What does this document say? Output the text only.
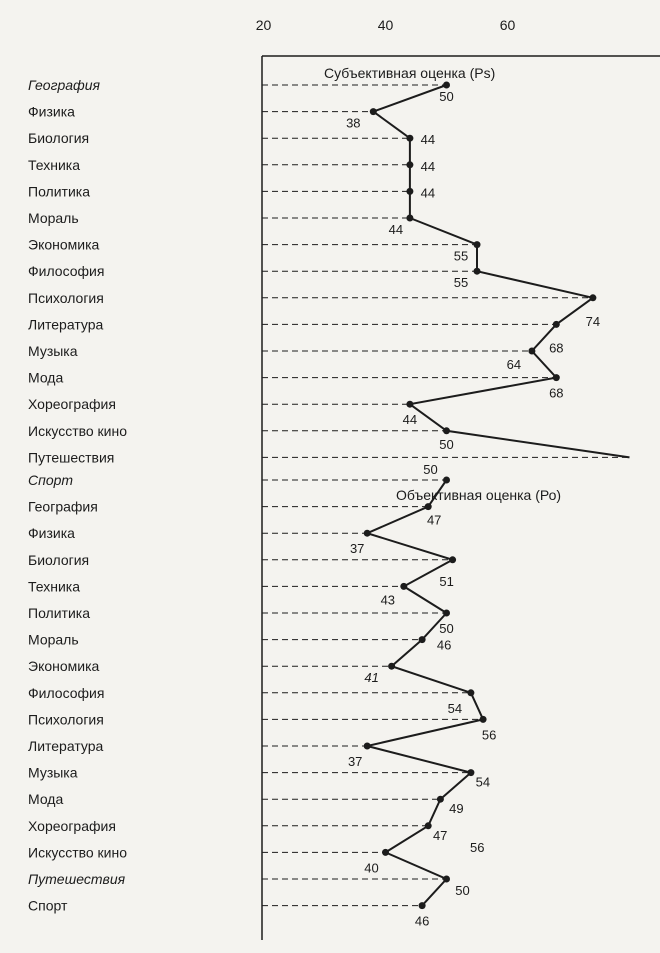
20	40	60
География
Физика
Биология
Техника
Политика
Мораль
Экономика
Философия
Психология
Литература
Музыка
Мода
Хореография
Искусство кино
Путешествия
Спорт
География
Физика
Биология
Техника
Политика
Мораль
Экономика
Философия
Психология
Литература
Музыка
Мода
Хореография
Искусство кино
Путешествия
Спорт
50
38
44
44
44
44
55
55
74
68
64
68
44
50
50
47
37
51
43
50
46
41
54
56
37
54
49
47
40
50
46
Субъективная оценка (Ps)
Объективная оценка (Ро)
56
